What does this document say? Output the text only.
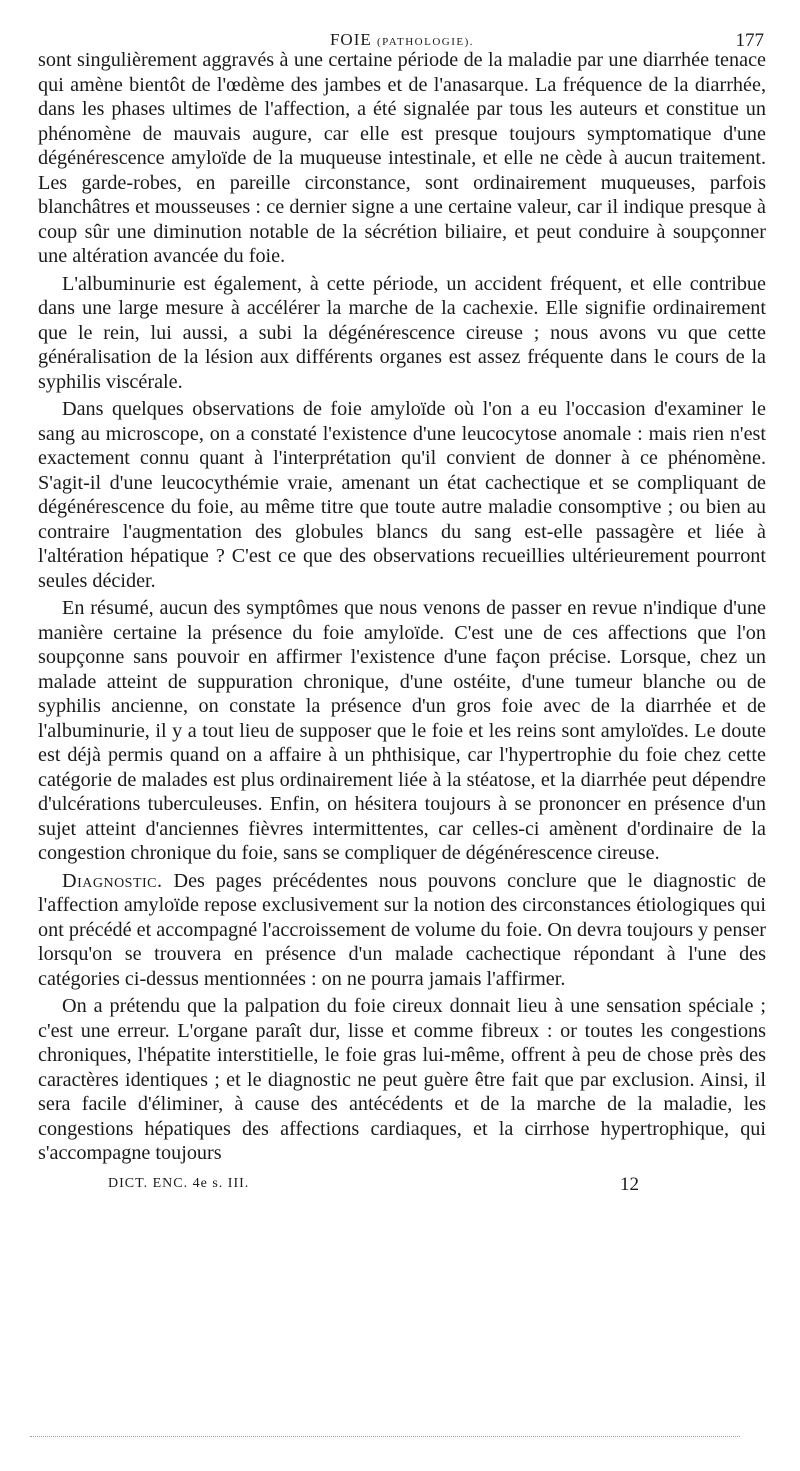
FOIE (PATHOLOGIE).	177

sont singulièrement aggravés à une certaine période de la maladie par une diarrhée tenace qui amène bientôt de l'œdème des jambes et de l'anasarque. La fréquence de la diarrhée, dans les phases ultimes de l'affection, a été signalée par tous les auteurs et constitue un phénomène de mauvais augure, car elle est presque toujours symptomatique d'une dégénérescence amyloïde de la muqueuse intestinale, et elle ne cède à aucun traitement. Les garde-robes, en pareille circonstance, sont ordinairement muqueuses, parfois blanchâtres et mousseuses : ce dernier signe a une certaine valeur, car il indique presque à coup sûr une diminution notable de la sécrétion biliaire, et peut conduire à soupçonner une altération avancée du foie.

L'albuminurie est également, à cette période, un accident fréquent, et elle contribue dans une large mesure à accélérer la marche de la cachexie. Elle signifie ordinairement que le rein, lui aussi, a subi la dégénérescence cireuse ; nous avons vu que cette généralisation de la lésion aux différents organes est assez fréquente dans le cours de la syphilis viscérale.

Dans quelques observations de foie amyloïde où l'on a eu l'occasion d'examiner le sang au microscope, on a constaté l'existence d'une leucocytose anomale : mais rien n'est exactement connu quant à l'interprétation qu'il convient de donner à ce phénomène. S'agit-il d'une leucocythémie vraie, amenant un état cachectique et se compliquant de dégénérescence du foie, au même titre que toute autre maladie consomptive ; ou bien au contraire l'augmentation des globules blancs du sang est-elle passagère et liée à l'altération hépatique ? C'est ce que des observations recueillies ultérieurement pourront seules décider.

En résumé, aucun des symptômes que nous venons de passer en revue n'indique d'une manière certaine la présence du foie amyloïde. C'est une de ces affections que l'on soupçonne sans pouvoir en affirmer l'existence d'une façon précise. Lorsque, chez un malade atteint de suppuration chronique, d'une ostéite, d'une tumeur blanche ou de syphilis ancienne, on constate la présence d'un gros foie avec de la diarrhée et de l'albuminurie, il y a tout lieu de supposer que le foie et les reins sont amyloïdes. Le doute est déjà permis quand on a affaire à un phthisique, car l'hypertrophie du foie chez cette catégorie de malades est plus ordinairement liée à la stéatose, et la diarrhée peut dépendre d'ulcérations tuberculeuses. Enfin, on hésitera toujours à se prononcer en présence d'un sujet atteint d'anciennes fièvres intermittentes, car celles-ci amènent d'ordinaire de la congestion chronique du foie, sans se compliquer de dégénérescence cireuse.

Diagnostic. Des pages précédentes nous pouvons conclure que le diagnostic de l'affection amyloïde repose exclusivement sur la notion des circonstances étiologiques qui ont précédé et accompagné l'accroissement de volume du foie. On devra toujours y penser lorsqu'on se trouvera en présence d'un malade cachectique répondant à l'une des catégories ci-dessus mentionnées : on ne pourra jamais l'affirmer.

On a prétendu que la palpation du foie cireux donnait lieu à une sensation spéciale ; c'est une erreur. L'organe paraît dur, lisse et comme fibreux : or toutes les congestions chroniques, l'hépatite interstitielle, le foie gras lui-même, offrent à peu de chose près des caractères identiques ; et le diagnostic ne peut guère être fait que par exclusion. Ainsi, il sera facile d'éliminer, à cause des antécédents et de la marche de la maladie, les congestions hépatiques des affections cardiaques, et la cirrhose hypertrophique, qui s'accompagne toujours

DICT. ENC. 4e s. III.	12
